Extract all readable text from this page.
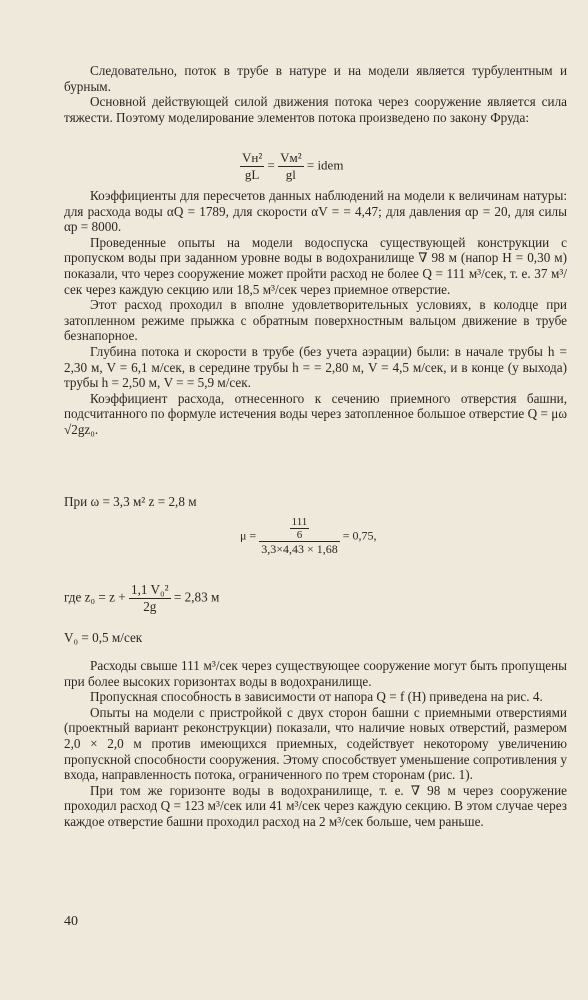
Следовательно, поток в трубе в натуре и на модели является турбулентным и бурным.

Основной действующей силой движения потока через сооружение является сила тяжести. Поэтому моделирование элементов потока произведено по закону Фруда:

$\frac{\text{Vн²}}{gL} = \frac{\text{Vм²}}{gl}$ = idem

Коэффициенты для пересчетов данных наблюдений на модели к величинам натуры: для расхода воды αQ = 1789, для скорости αV = = 4,47; для давления αр = 20, для силы αр = 8000.

Проведенные опыты на модели водоспуска существующей конструкции с пропуском воды при заданном уровне воды в водохранилище ∇ 98 м (напор H = 0,30 м) показали, что через сооружение может пройти расход не более Q = 111 м³/сек, т. е. 37 м³/сек через каждую секцию или 18,5 м³/сек через приемное отверстие.

Этот расход проходил в вполне удовлетворительных условиях, в колодце при затопленном режиме прыжка с обратным поверхностным вальцом движение в трубе безнапорное.

Глубина потока и скорости в трубе (без учета аэрации) были: в начале трубы h = 2,30 м, V = 6,1 м/сек, в середине трубы h = = 2,80 м, V = 4,5 м/сек, и в конце (у выхода) трубы h = 2,50 м, V = = 5,9 м/сек.

Коэффициент расхода, отнесенного к сечению приемного отверстия башни, подсчитанного по формуле истечения воды через затопленное большое отверстие Q = μω √2gz₀.

При ω = 3,3 м² z = 2,8 м
$\mu = \frac{\frac{111}{6}}{3,3\times 4,43 \times 1,68} = 0,75$,
где $z_0 = z + \frac{\text{1,1 V₀²}}{2g} = 2,83$ м
V₀ = 0,5 м/сек

Расходы свыше 111 м³/сек через существующее сооружение могут быть пропущены при более высоких горизонтах воды в водохранилище.

Пропускная способность в зависимости от напора Q = f (H) приведена на рис. 4.

Опыты на модели с пристройкой с двух сторон башни с приемными отверстиями (проектный вариант реконструкции) показали, что наличие новых отверстий, размером 2,0 × 2,0 м против имеющихся приемных, содействует некоторому увеличению пропускной способности сооружения. Этому способствует уменьшение сопротивления у входа, направленность потока, ограниченного по трем сторонам (рис. 1).

При том же горизонте воды в водохранилище, т. е. ∇ 98 м через сооружение проходил расход Q = 123 м³/сек или 41 м³/сек через каждую секцию. В этом случае через каждое отверстие башни проходил расход на 2 м³/сек больше, чем раньше.

40
